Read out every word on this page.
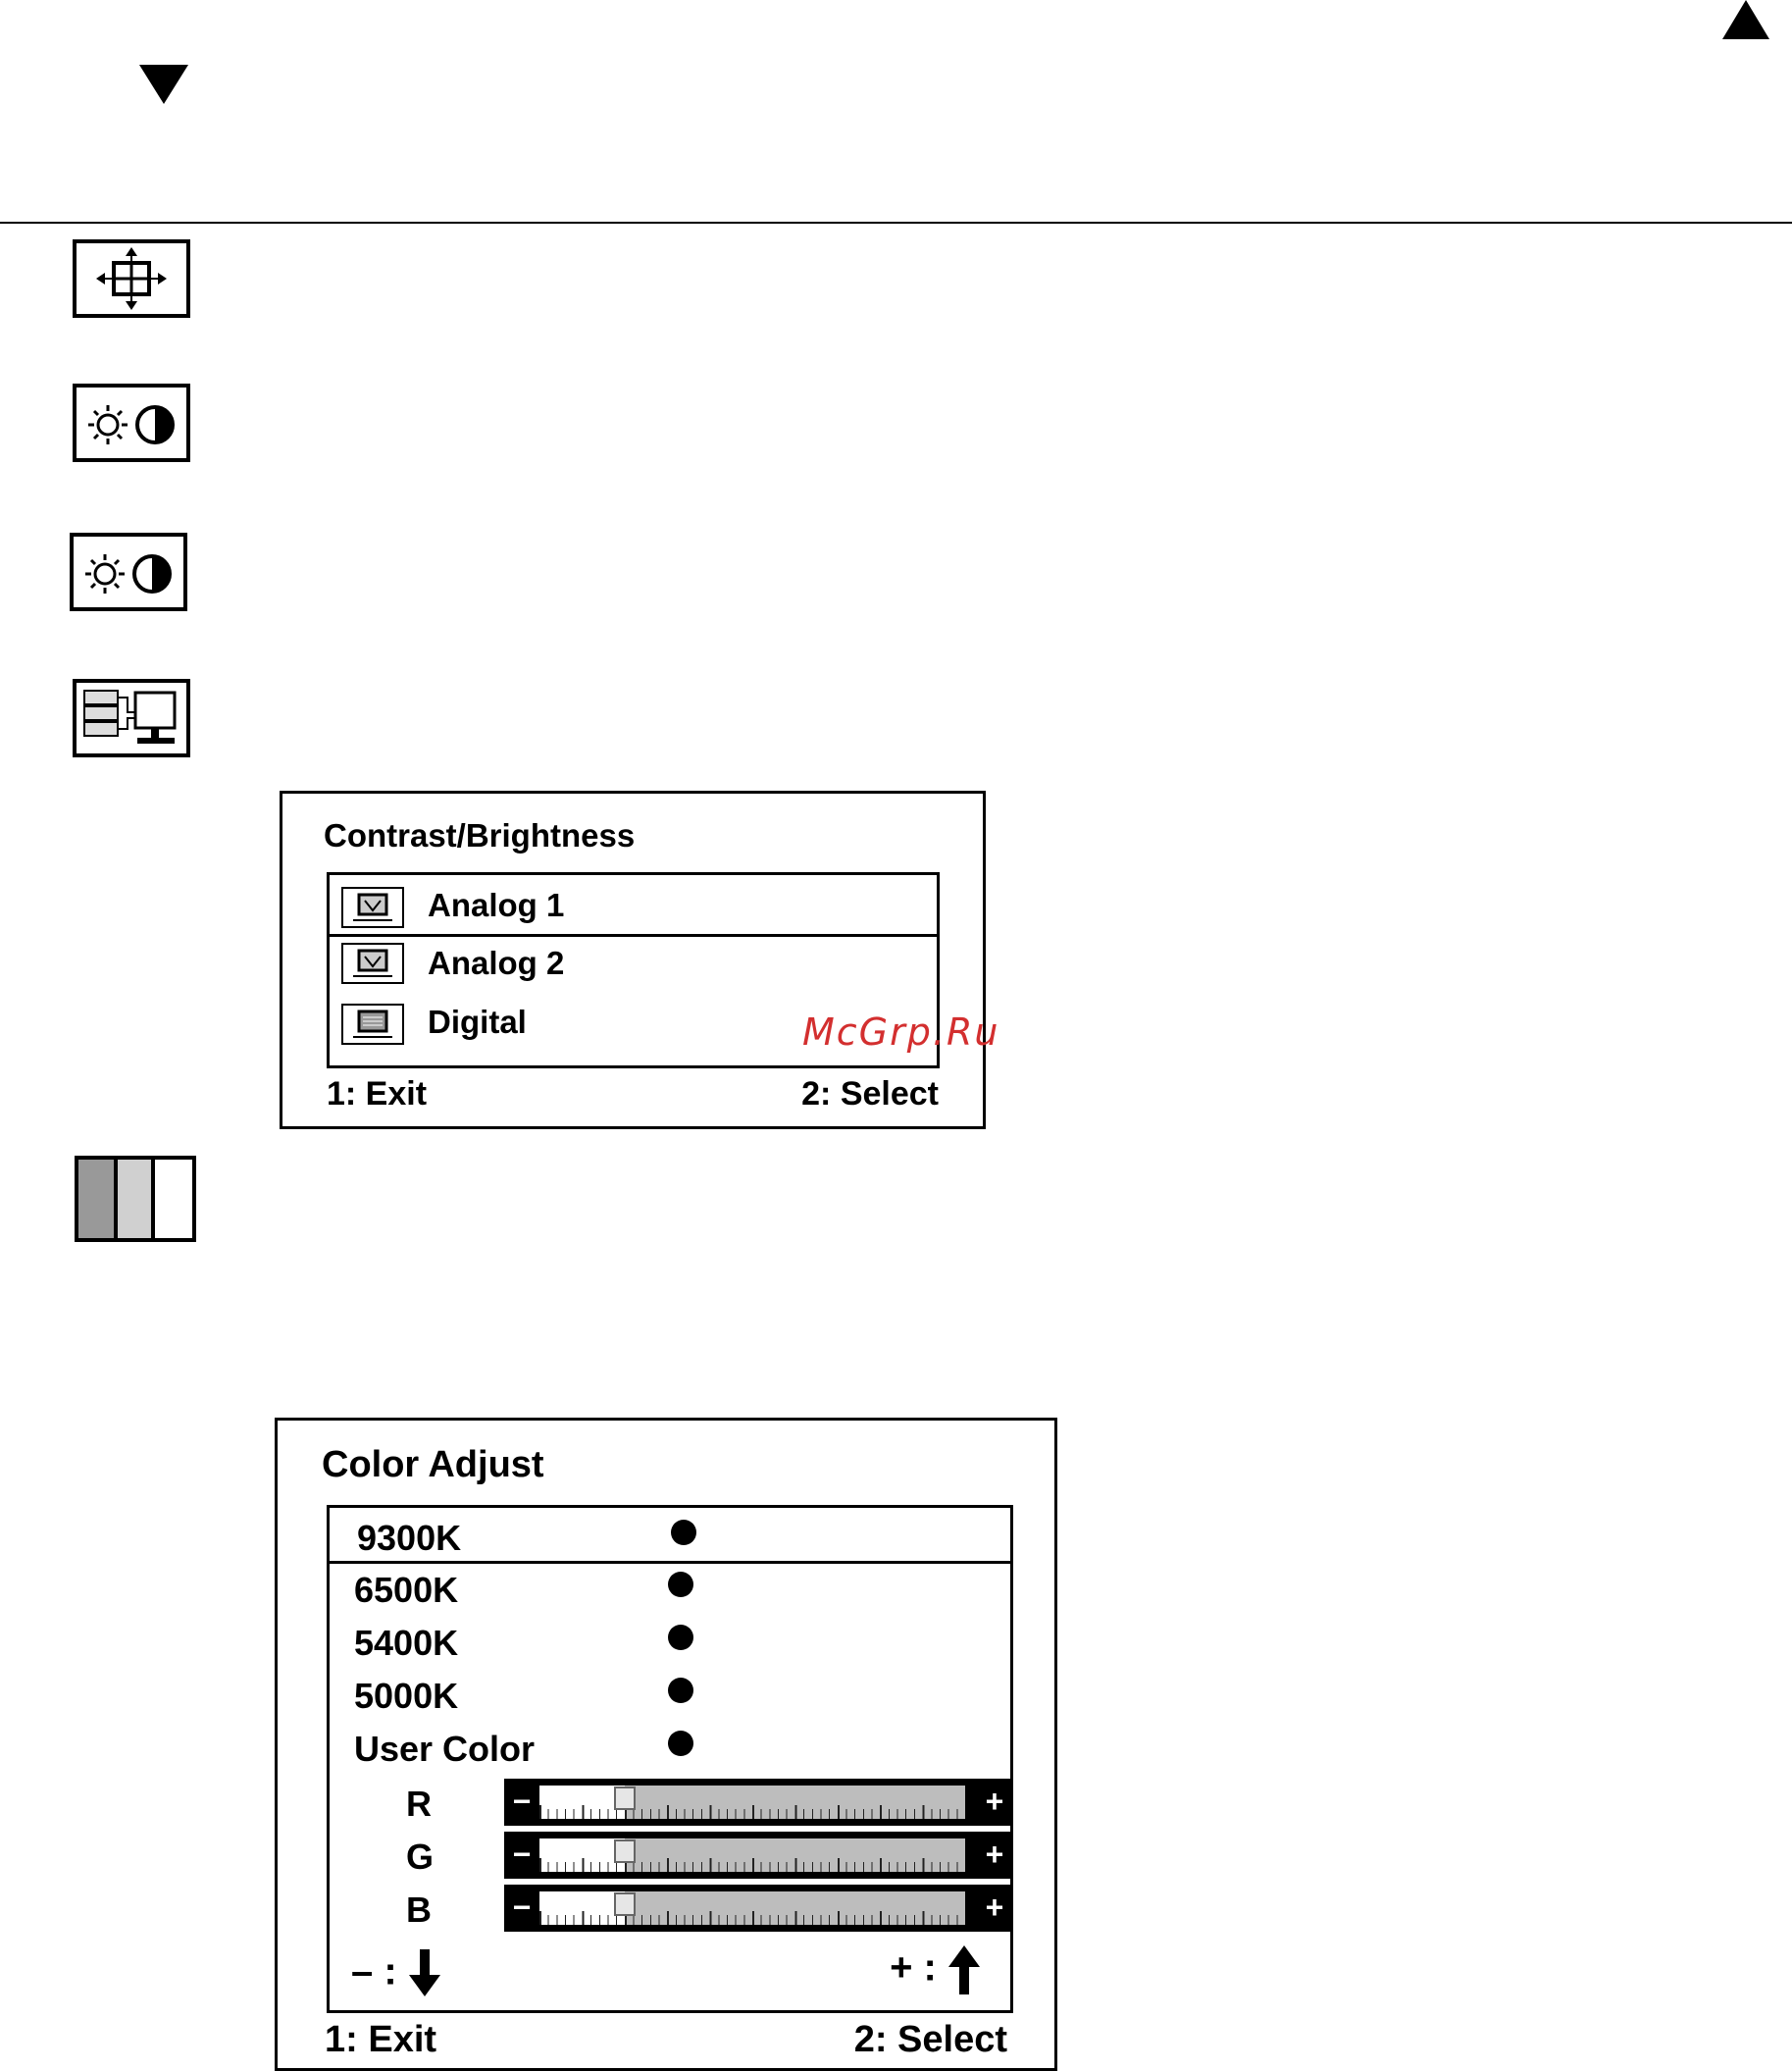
Contrast/Brightness
Analog 1
Analog 2
Digital
1: Exit	2: Select
McGrp.Ru
Color Adjust
9300K
6500K
5400K
5000K
User Color
R	−	+
G	−	+
B	−	+
– :	+ :
1: Exit	2: Select
